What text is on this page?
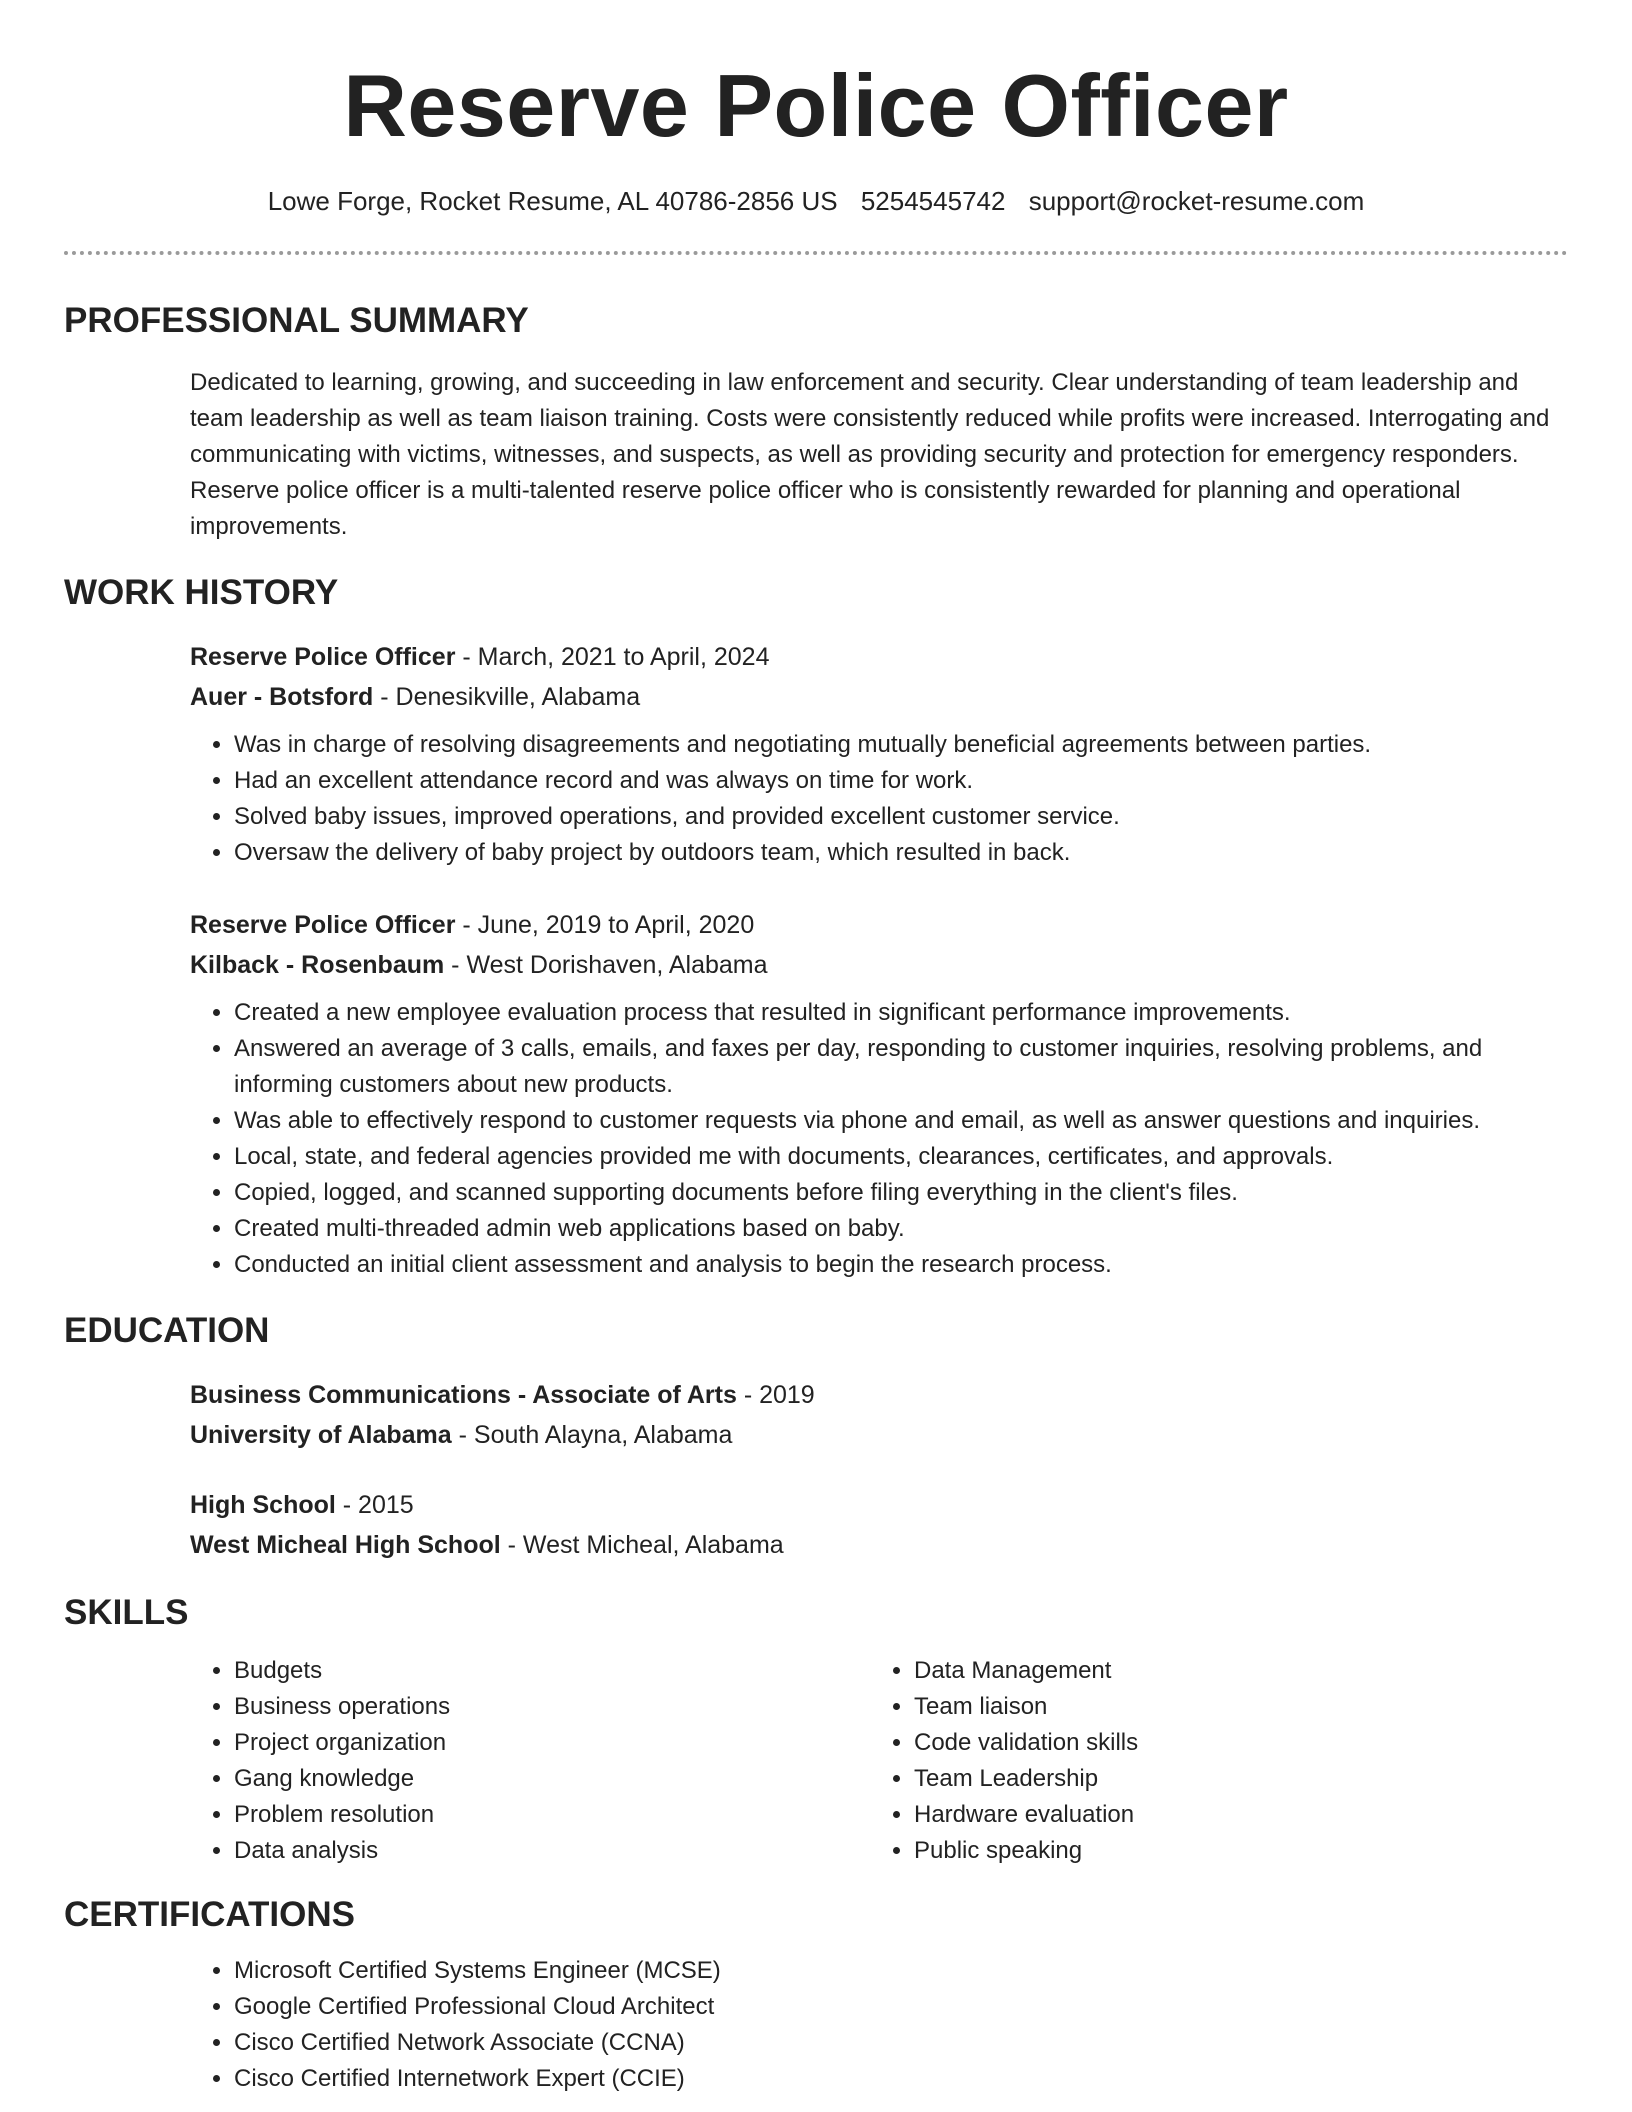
Reserve Police Officer
Lowe Forge, Rocket Resume, AL 40786-2856 US 5254545742 support@rocket-resume.com
PROFESSIONAL SUMMARY

Dedicated to learning, growing, and succeeding in law enforcement and security. Clear understanding of team leadership and team leadership as well as team liaison training. Costs were consistently reduced while profits were increased. Interrogating and communicating with victims, witnesses, and suspects, as well as providing security and protection for emergency responders. Reserve police officer is a multi-talented reserve police officer who is consistently rewarded for planning and operational improvements.

WORK HISTORY
Reserve Police Officer - March, 2021 to April, 2024
Auer - Botsford - Denesikville, Alabama
• Was in charge of resolving disagreements and negotiating mutually beneficial agreements between parties.
• Had an excellent attendance record and was always on time for work.
• Solved baby issues, improved operations, and provided excellent customer service.
• Oversaw the delivery of baby project by outdoors team, which resulted in back.
Reserve Police Officer - June, 2019 to April, 2020
Kilback - Rosenbaum - West Dorishaven, Alabama
• Created a new employee evaluation process that resulted in significant performance improvements.
• Answered an average of 3 calls, emails, and faxes per day, responding to customer inquiries, resolving problems, and informing customers about new products.
• Was able to effectively respond to customer requests via phone and email, as well as answer questions and inquiries.
• Local, state, and federal agencies provided me with documents, clearances, certificates, and approvals.
• Copied, logged, and scanned supporting documents before filing everything in the client's files.
• Created multi-threaded admin web applications based on baby.
• Conducted an initial client assessment and analysis to begin the research process.
EDUCATION
Business Communications - Associate of Arts - 2019
University of Alabama - South Alayna, Alabama
High School - 2015
West Micheal High School - West Micheal, Alabama
SKILLS
• Budgets
• Business operations
• Project organization
• Gang knowledge
• Problem resolution
• Data analysis
• Data Management
• Team liaison
• Code validation skills
• Team Leadership
• Hardware evaluation
• Public speaking
CERTIFICATIONS
• Microsoft Certified Systems Engineer (MCSE)
• Google Certified Professional Cloud Architect
• Cisco Certified Network Associate (CCNA)
• Cisco Certified Internetwork Expert (CCIE)
